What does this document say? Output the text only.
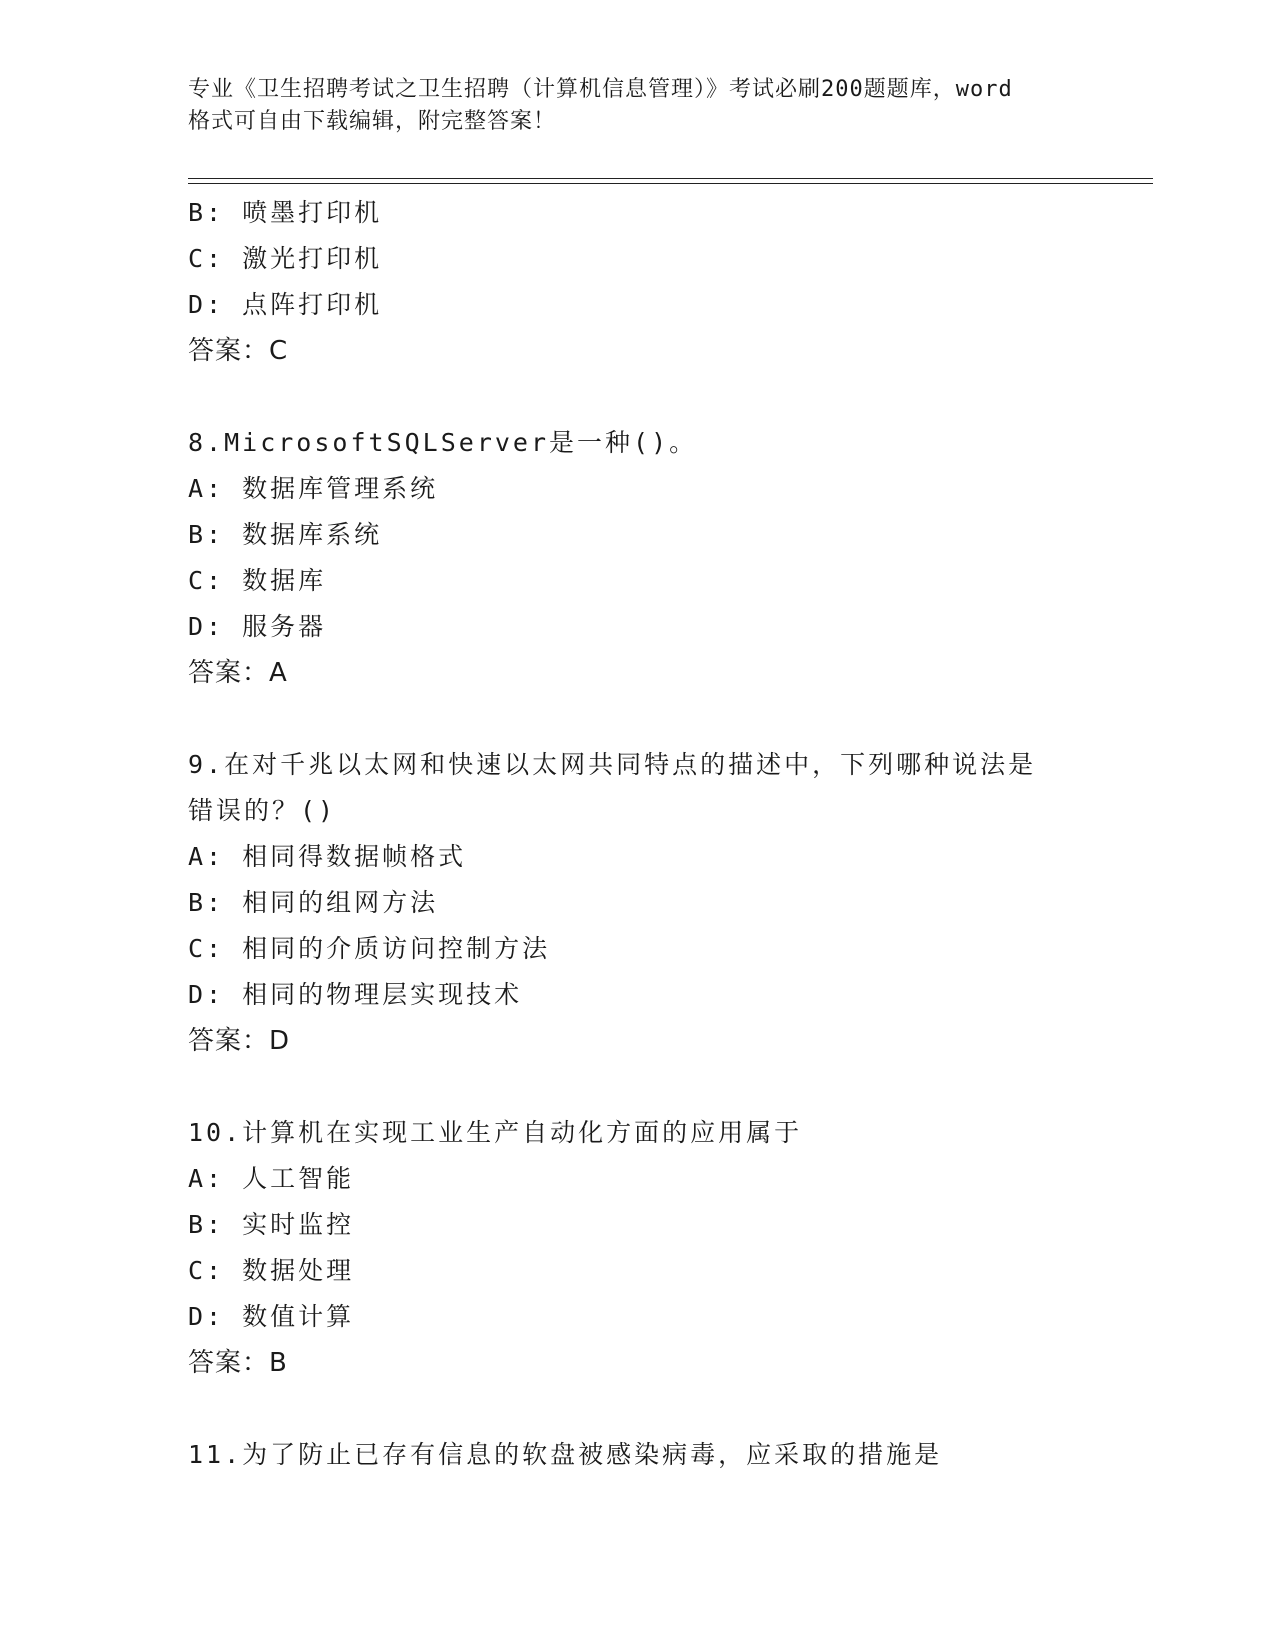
专业《卫生招聘考试之卫生招聘（计算机信息管理）》考试必刷200题题库，word
格式可自由下载编辑，附完整答案！
B: 喷墨打印机
C: 激光打印机
D: 点阵打印机
答案：C
8.MicrosoftSQLServer是一种()。
A: 数据库管理系统
B: 数据库系统
C: 数据库
D: 服务器
答案：A
9.在对千兆以太网和快速以太网共同特点的描述中，下列哪种说法是
错误的？()
A: 相同得数据帧格式
B: 相同的组网方法
C: 相同的介质访问控制方法
D: 相同的物理层实现技术
答案：D
10.计算机在实现工业生产自动化方面的应用属于
A: 人工智能
B: 实时监控
C: 数据处理
D: 数值计算
答案：B
11.为了防止已存有信息的软盘被感染病毒，应采取的措施是
